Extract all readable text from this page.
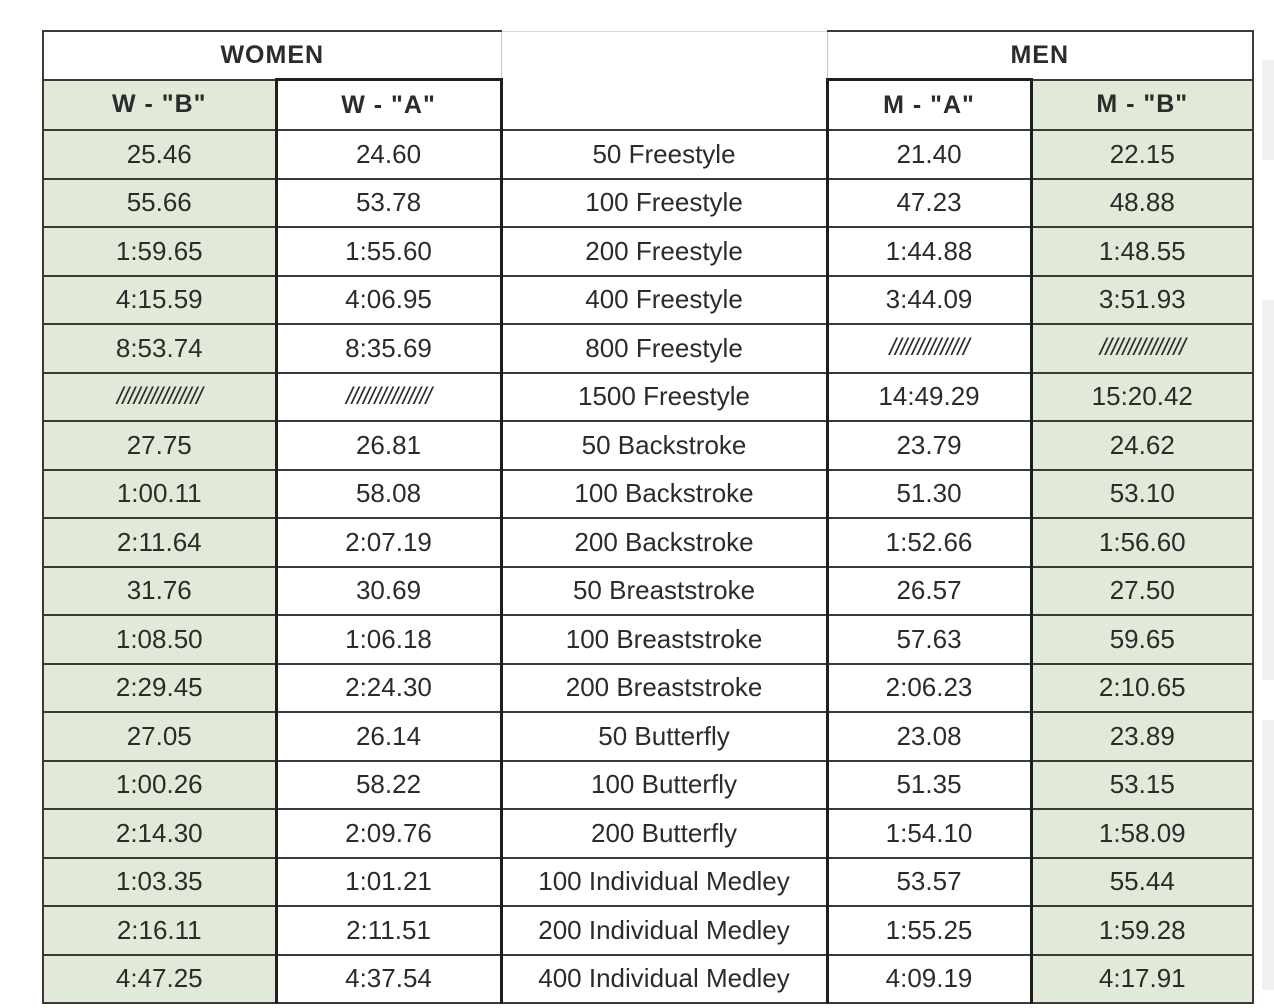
WOMEN			MEN	
W - "B"	W - "A"		M - "A"	M - "B"
25.46	24.60	50 Freestyle	21.40	22.15
55.66	53.78	100 Freestyle	47.23	48.88
1:59.65	1:55.60	200 Freestyle	1:44.88	1:48.55
4:15.59	4:06.95	400 Freestyle	3:44.09	3:51.93
8:53.74	8:35.69	800 Freestyle	//////////////	///////////////
///////////////	///////////////	1500 Freestyle	14:49.29	15:20.42
27.75	26.81	50 Backstroke	23.79	24.62
1:00.11	58.08	100 Backstroke	51.30	53.10
2:11.64	2:07.19	200 Backstroke	1:52.66	1:56.60
31.76	30.69	50 Breaststroke	26.57	27.50
1:08.50	1:06.18	100 Breaststroke	57.63	59.65
2:29.45	2:24.30	200 Breaststroke	2:06.23	2:10.65
27.05	26.14	50 Butterfly	23.08	23.89
1:00.26	58.22	100 Butterfly	51.35	53.15
2:14.30	2:09.76	200 Butterfly	1:54.10	1:58.09
1:03.35	1:01.21	100 Individual Medley	53.57	55.44
2:16.11	2:11.51	200 Individual Medley	1:55.25	1:59.28
4:47.25	4:37.54	400 Individual Medley	4:09.19	4:17.91
